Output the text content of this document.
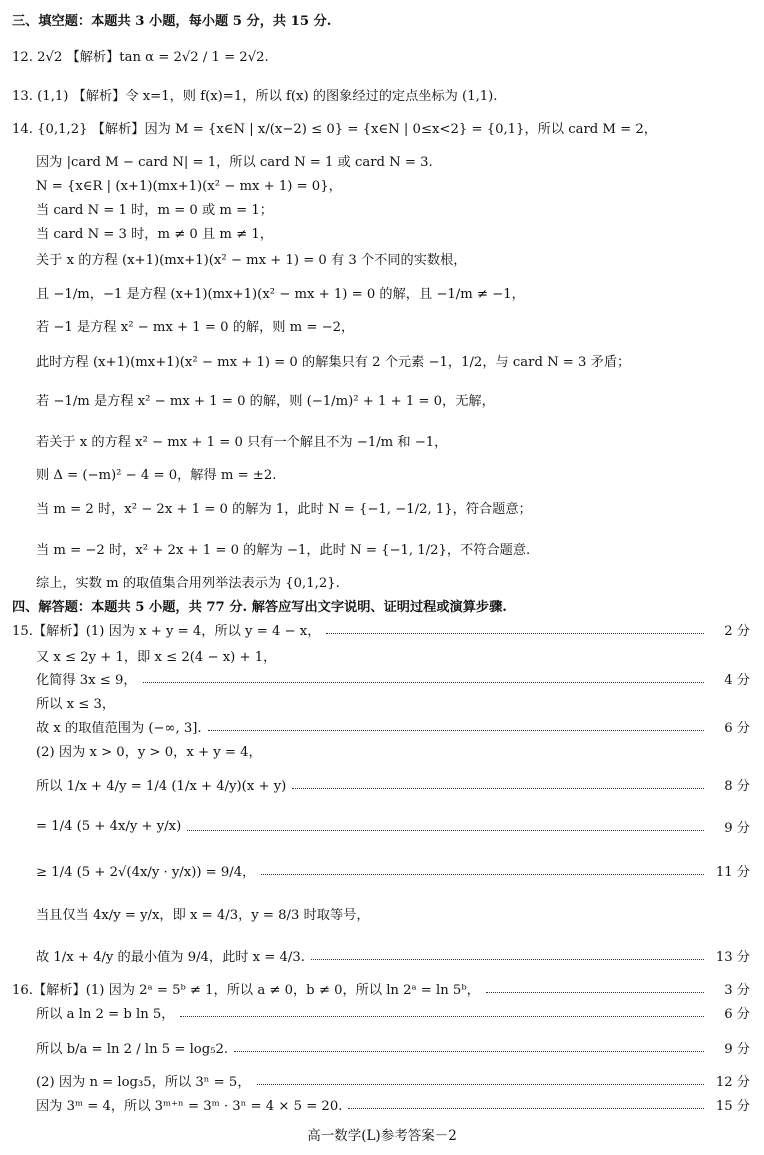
三、填空题：本题共 3 小题，每小题 5 分，共 15 分.
12. 2√2 【解析】tan α = 2√2 / 1 = 2√2.
13. (1,1) 【解析】令 x=1，则 f(x)=1，所以 f(x) 的图象经过的定点坐标为 (1,1).
14. {0,1,2} 【解析】因为 M = {x∈N | x/(x−2) ≤ 0} = {x∈N | 0≤x<2} = {0,1}，所以 card M = 2，
因为 |card M − card N| = 1，所以 card N = 1 或 card N = 3.
N = {x∈R | (x+1)(mx+1)(x² − mx + 1) = 0}，
当 card N = 1 时，m = 0 或 m = 1；
当 card N = 3 时，m ≠ 0 且 m ≠ 1，
关于 x 的方程 (x+1)(mx+1)(x² − mx + 1) = 0 有 3 个不同的实数根，
且 −1/m，−1 是方程 (x+1)(mx+1)(x² − mx + 1) = 0 的解，且 −1/m ≠ −1，
若 −1 是方程 x² − mx + 1 = 0 的解，则 m = −2，
此时方程 (x+1)(mx+1)(x² − mx + 1) = 0 的解集只有 2 个元素 −1，1/2，与 card N = 3 矛盾；
若 −1/m 是方程 x² − mx + 1 = 0 的解，则 (−1/m)² + 1 + 1 = 0，无解，
若关于 x 的方程 x² − mx + 1 = 0 只有一个解且不为 −1/m 和 −1，
则 Δ = (−m)² − 4 = 0，解得 m = ±2.
当 m = 2 时，x² − 2x + 1 = 0 的解为 1，此时 N = {−1, −1/2, 1}，符合题意；
当 m = −2 时，x² + 2x + 1 = 0 的解为 −1，此时 N = {−1, 1/2}，不符合题意.
综上，实数 m 的取值集合用列举法表示为 {0,1,2}.
四、解答题：本题共 5 小题，共 77 分. 解答应写出文字说明、证明过程或演算步骤.
15.【解析】(1) 因为 x + y = 4，所以 y = 4 − x，	2 分
又 x ≤ 2y + 1，即 x ≤ 2(4 − x) + 1，
化简得 3x ≤ 9，	4 分
所以 x ≤ 3，
故 x 的取值范围为 (−∞, 3].	6 分
(2) 因为 x > 0，y > 0，x + y = 4，
所以 1/x + 4/y = 1/4 (1/x + 4/y)(x + y)	8 分
= 1/4 (5 + 4x/y + y/x)	9 分
≥ 1/4 (5 + 2√(4x/y · y/x)) = 9/4，	11 分
当且仅当 4x/y = y/x，即 x = 4/3，y = 8/3 时取等号，
故 1/x + 4/y 的最小值为 9/4，此时 x = 4/3.	13 分
16.【解析】(1) 因为 2ᵃ = 5ᵇ ≠ 1，所以 a ≠ 0，b ≠ 0，所以 ln 2ᵃ = ln 5ᵇ，	3 分
所以 a ln 2 = b ln 5，	6 分
所以 b/a = ln 2 / ln 5 = log₅2.	9 分
(2) 因为 n = log₃5，所以 3ⁿ = 5，	12 分
因为 3ᵐ = 4，所以 3ᵐ⁺ⁿ = 3ᵐ · 3ⁿ = 4 × 5 = 20.	15 分
高一数学(L)参考答案－2
